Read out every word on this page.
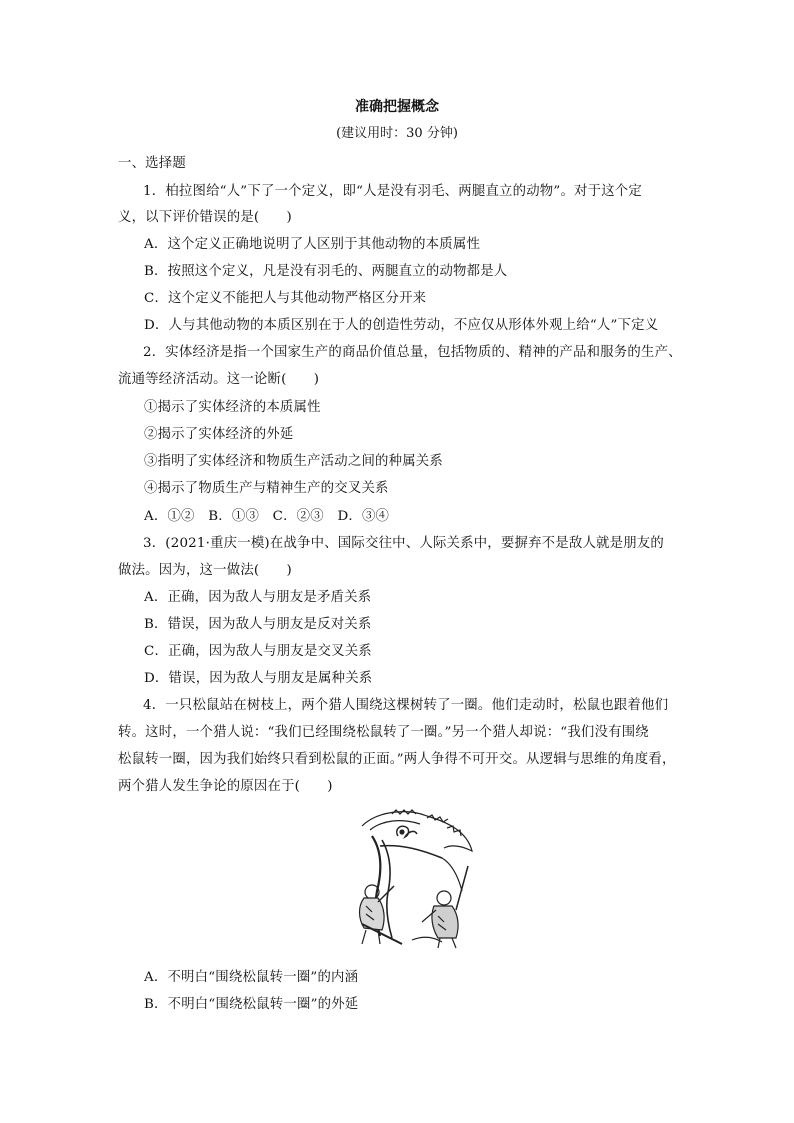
准确把握概念
(建议用时：30 分钟)
一、选择题
1．柏拉图给“人”下了一个定义，即“人是没有羽毛、两腿直立的动物”。对于这个定
义，以下评价错误的是(　　)
A．这个定义正确地说明了人区别于其他动物的本质属性
B．按照这个定义，凡是没有羽毛的、两腿直立的动物都是人
C．这个定义不能把人与其他动物严格区分开来
D．人与其他动物的本质区别在于人的创造性劳动，不应仅从形体外观上给“人”下定义
2．实体经济是指一个国家生产的商品价值总量，包括物质的、精神的产品和服务的生产、
流通等经济活动。这一论断(　　)
①揭示了实体经济的本质属性
②揭示了实体经济的外延
③指明了实体经济和物质生产活动之间的种属关系
④揭示了物质生产与精神生产的交叉关系
A．①②　B．①③　C．②③　D．③④
3．(2021·重庆一模)在战争中、国际交往中、人际关系中，要摒弃不是敌人就是朋友的
做法。因为，这一做法(　　)
A．正确，因为敌人与朋友是矛盾关系
B．错误，因为敌人与朋友是反对关系
C．正确，因为敌人与朋友是交叉关系
D．错误，因为敌人与朋友是属种关系
4．一只松鼠站在树枝上，两个猎人围绕这棵树转了一圈。他们走动时，松鼠也跟着他们
转。这时，一个猎人说：“我们已经围绕松鼠转了一圈。”另一个猎人却说：“我们没有围绕
松鼠转一圈，因为我们始终只看到松鼠的正面。”两人争得不可开交。从逻辑与思维的角度看，
两个猎人发生争论的原因在于(　　)
A．不明白“围绕松鼠转一圈”的内涵
B．不明白“围绕松鼠转一圈”的外延
